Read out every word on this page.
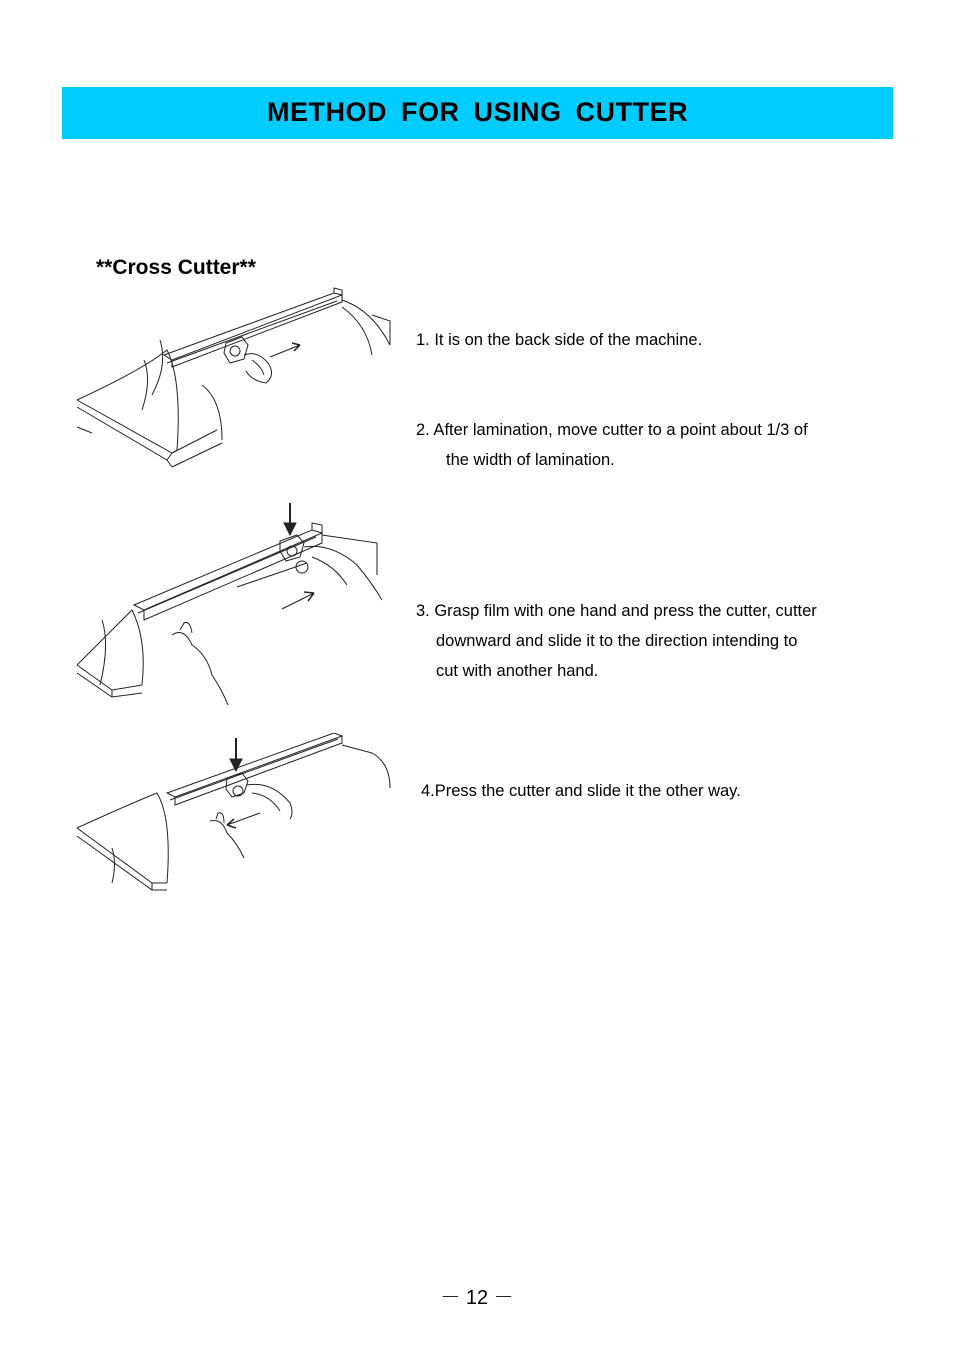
METHOD FOR USING CUTTER
**Cross Cutter**

1. It is on the back side of the machine.

2. After lamination, move cutter to a point about 1/3 of
the width of lamination.

3. Grasp film with one hand and press the cutter, cutter
downward and slide it to the direction intending to
cut with another hand.

4.Press the cutter and slide it the other way.

－ 12 －
